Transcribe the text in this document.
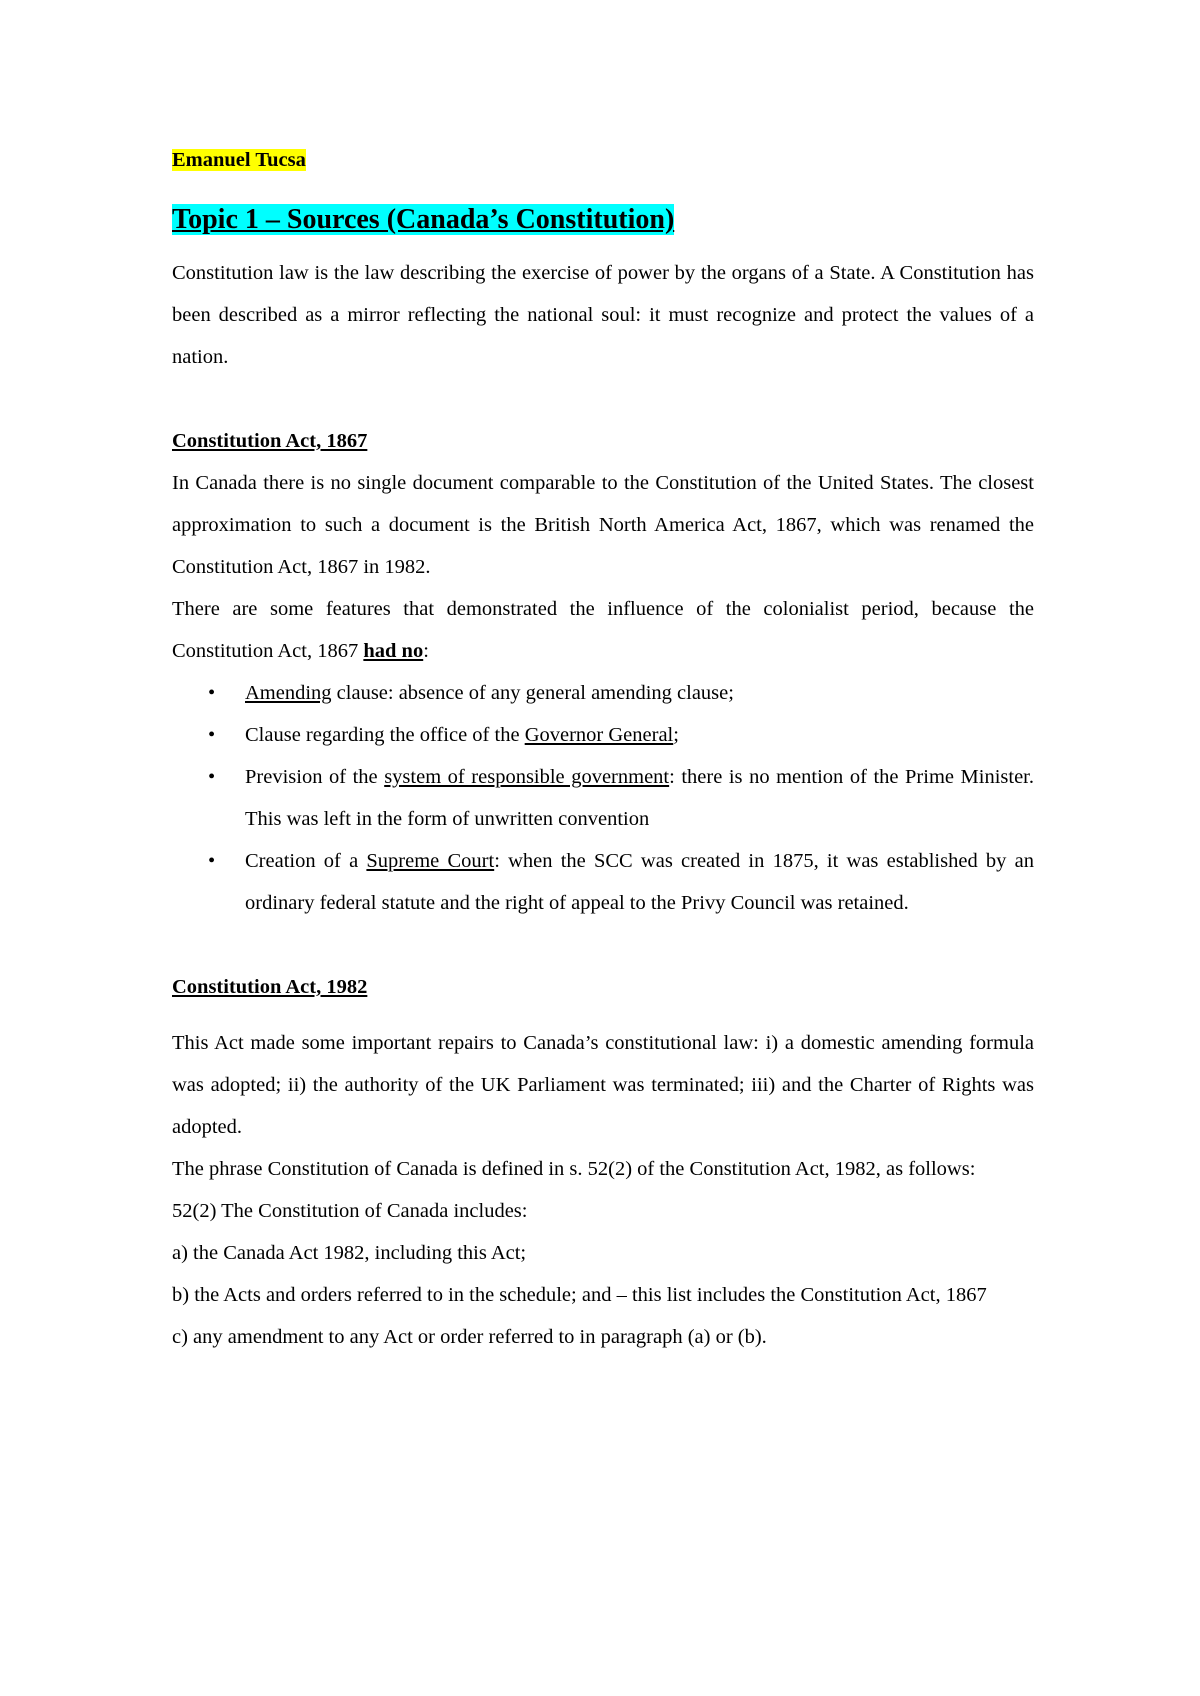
Emanuel Tucsa

Topic 1 – Sources (Canada’s Constitution)

Constitution law is the law describing the exercise of power by the organs of a State. A Constitution has been described as a mirror reflecting the national soul: it must recognize and protect the values of a nation.

Constitution Act, 1867

In Canada there is no single document comparable to the Constitution of the United States. The closest approximation to such a document is the British North America Act, 1867, which was renamed the Constitution Act, 1867 in 1982.

There are some features that demonstrated the influence of the colonialist period, because the Constitution Act, 1867 had no:

• Amending clause: absence of any general amending clause;
• Clause regarding the office of the Governor General;
• Prevision of the system of responsible government: there is no mention of the Prime Minister. This was left in the form of unwritten convention
• Creation of a Supreme Court: when the SCC was created in 1875, it was established by an ordinary federal statute and the right of appeal to the Privy Council was retained.

Constitution Act, 1982

This Act made some important repairs to Canada’s constitutional law: i) a domestic amending formula was adopted; ii) the authority of the UK Parliament was terminated; iii) and the Charter of Rights was adopted.

The phrase Constitution of Canada is defined in s. 52(2) of the Constitution Act, 1982, as follows:

52(2) The Constitution of Canada includes:

a) the Canada Act 1982, including this Act;

b) the Acts and orders referred to in the schedule; and – this list includes the Constitution Act, 1867

c) any amendment to any Act or order referred to in paragraph (a) or (b).
